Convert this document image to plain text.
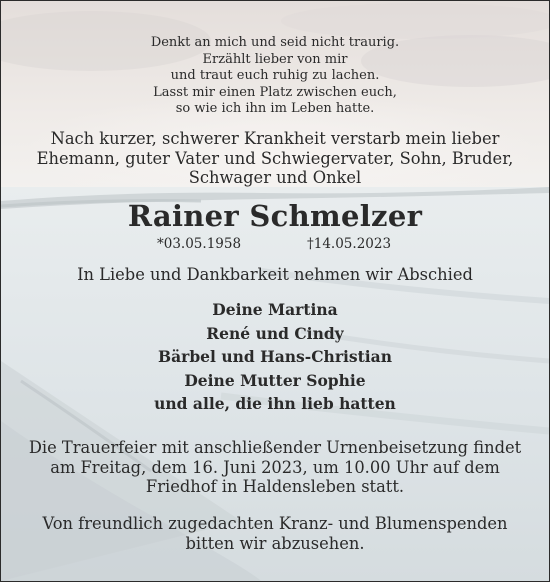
Denkt an mich und seid nicht traurig.
Erzählt lieber von mir
und traut euch ruhig zu lachen.
Lasst mir einen Platz zwischen euch,
so wie ich ihn im Leben hatte.
Nach kurzer, schwerer Krankheit verstarb mein lieber
Ehemann, guter Vater und Schwiegervater, Sohn, Bruder,
Schwager und Onkel
Rainer Schmelzer
*03.05.1958	†14.05.2023
In Liebe und Dankbarkeit nehmen wir Abschied
Deine Martina
René und Cindy
Bärbel und Hans-Christian
Deine Mutter Sophie
und alle, die ihn lieb hatten
Die Trauerfeier mit anschließender Urnenbeisetzung findet
am Freitag, dem 16. Juni 2023, um 10.00 Uhr auf dem
Friedhof in Haldensleben statt.
Von freundlich zugedachten Kranz- und Blumenspenden
bitten wir abzusehen.
